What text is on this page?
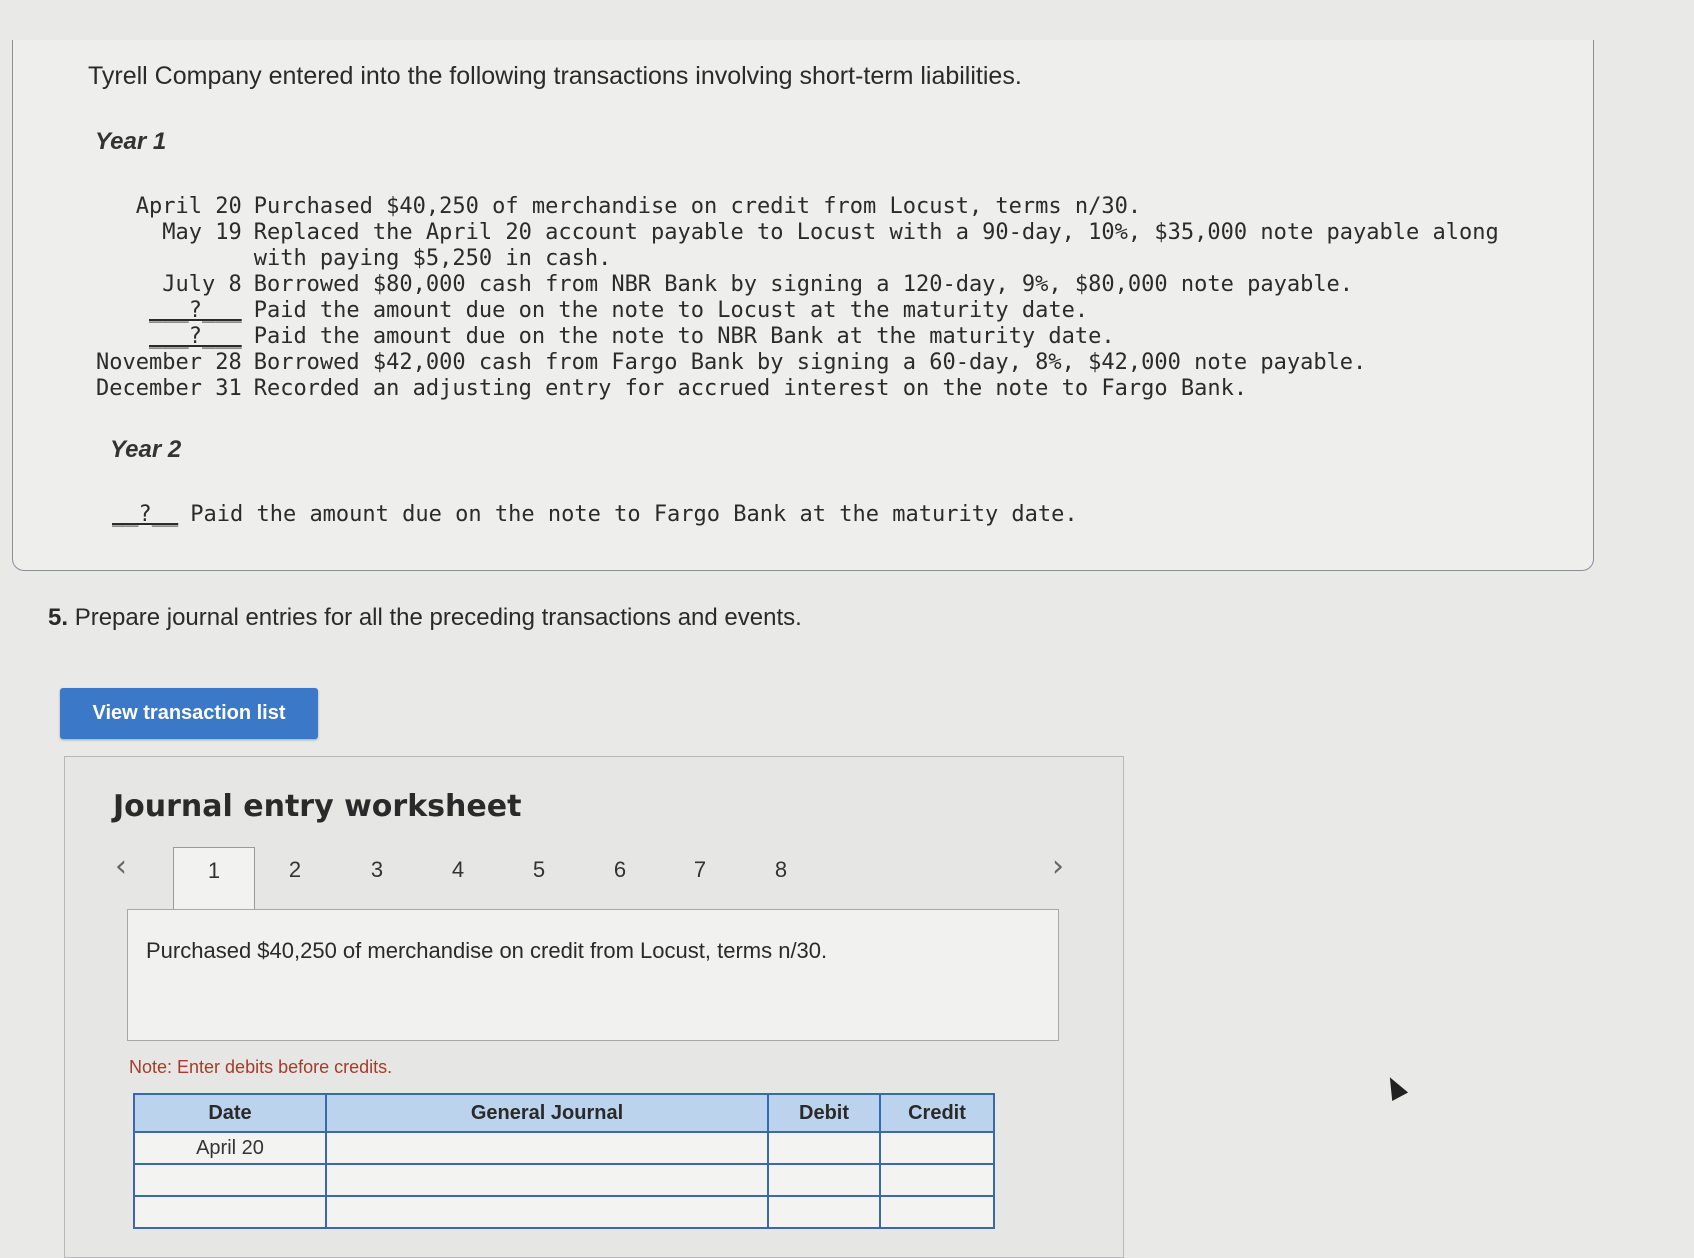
Tyrell Company entered into the following transactions involving short-term liabilities.
Year 1
April 20	Purchased $40,250 of merchandise on credit from Locust, terms n/30.
May 19	Replaced the April 20 account payable to Locust with a 90-day, 10%, $35,000 note payable along
with paying $5,250 in cash.
July 8	Borrowed $80,000 cash from NBR Bank by signing a 120-day, 9%, $80,000 note payable.
___?___	Paid the amount due on the note to Locust at the maturity date.
___?___	Paid the amount due on the note to NBR Bank at the maturity date.
November 28	Borrowed $42,000 cash from Fargo Bank by signing a 60-day, 8%, $42,000 note payable.
December 31	Recorded an adjusting entry for accrued interest on the note to Fargo Bank.
Year 2
__?__	Paid the amount due on the note to Fargo Bank at the maturity date.
5. Prepare journal entries for all the preceding transactions and events.
View transaction list
Journal entry worksheet
‹	1	2	3	4	5	6	7	8	›
Purchased $40,250 of merchandise on credit from Locust, terms n/30.
Note: Enter debits before credits.
Date	General Journal	Debit	Credit
April 20	
